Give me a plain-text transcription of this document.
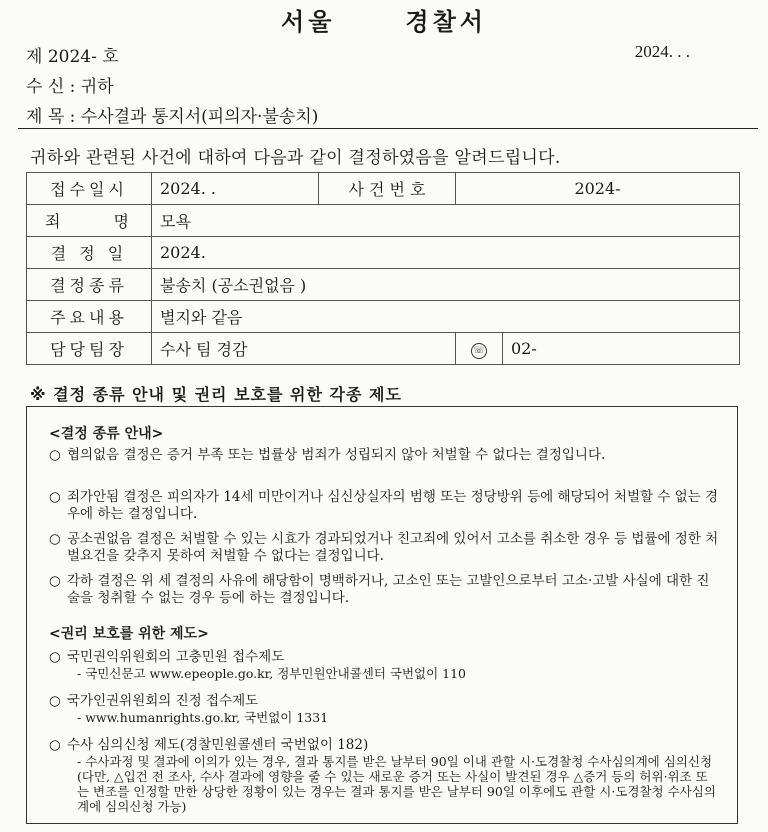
서울	경찰서
제 2024- 호	2024. . .
수 신 : 귀하
제 목 : 수사결과 통지서(피의자·불송치)
귀하와 관련된 사건에 대하여 다음과 같이 결정하였음을 알려드립니다.
접수일시	2024. .	사 건 번 호	2024-	

죄 명	모욕			
결 정 일	2024.			
결정종류	불송치 (공소권없음 )			
주요내용	별지와 같음			
담당팀장	수사 팀 경감		☏	02-
※ 결정 종류 안내 및 권리 보호를 위한 각종 제도
<결정 종류 안내>
○ 협의없음 결정은 증거 부족 또는 법률상 범죄가 성립되지 않아 처벌할 수 없다는 결정입니다.
○ 죄가안됨 결정은 피의자가 14세 미만이거나 심신상실자의 범행 또는 정당방위 등에 해당되어 처벌할 수 없는 경우에 하는 결정입니다.
○ 공소권없음 결정은 처벌할 수 있는 시효가 경과되었거나 친고죄에 있어서 고소를 취소한 경우 등 법률에 정한 처벌요건을 갖추지 못하여 처벌할 수 없다는 결정입니다.
○ 각하 결정은 위 세 결정의 사유에 해당함이 명백하거나, 고소인 또는 고발인으로부터 고소·고발 사실에 대한 진술을 청취할 수 없는 경우 등에 하는 결정입니다.
<권리 보호를 위한 제도>
○ 국민권익위원회의 고충민원 접수제도
- 국민신문고 www.epeople.go.kr, 정부민원안내콜센터 국번없이 110
○ 국가인권위원회의 진정 접수제도
- www.humanrights.go.kr, 국번없이 1331
○ 수사 심의신청 제도(경찰민원콜센터 국번없이 182)
- 수사과정 및 결과에 이의가 있는 경우, 결과 통지를 받은 날부터 90일 이내 관할 시·도경찰청 수사심의계에 심의신청 (다만, △입건 전 조사, 수사 결과에 영향을 줄 수 있는 새로운 증거 또는 사실이 발견된 경우 △증거 등의 허위·위조 또는 변조를 인정할 만한 상당한 정황이 있는 경우는 결과 통지를 받은 날부터 90일 이후에도 관할 시·도경찰청 수사심의계에 심의신청 가능)
